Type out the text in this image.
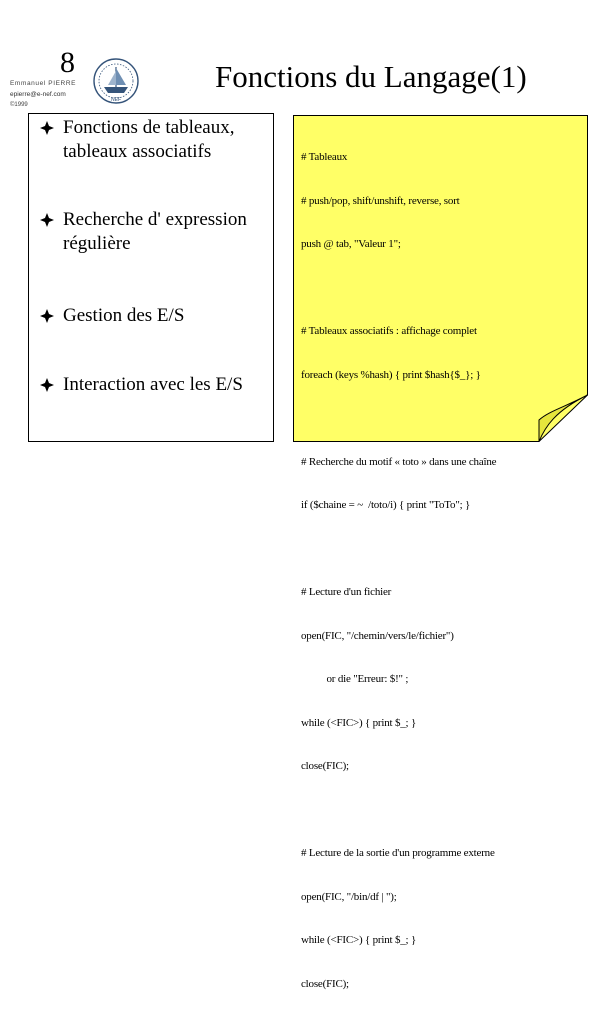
8
Emmanuel PIERRE
epierre@e-nef.com
©1999
NEF
Fonctions du Langage(1)
Fonctions de tableaux,
tableaux associatifs
Recherche d' expression
régulière
Gestion des E/S
Interaction avec les E/S

# Tableaux

# push/pop, shift/unshift, reverse, sort

push @ tab, "Valeur 1";

# Tableaux associatifs : affichage complet

foreach (keys %hash) { print $hash{$_}; }

# Recherche du motif « toto » dans une chaîne

if ($chaine = ~  /toto/i) { print "ToTo"; }

# Lecture d'un fichier

open(FIC, "/chemin/vers/le/fichier")

or die "Erreur: $!" ;

while (<FIC>) { print $_; }

close(FIC);

# Lecture de la sortie d'un programme externe

open(FIC, "/bin/df | ");

while (<FIC>) { print $_; }

close(FIC);
